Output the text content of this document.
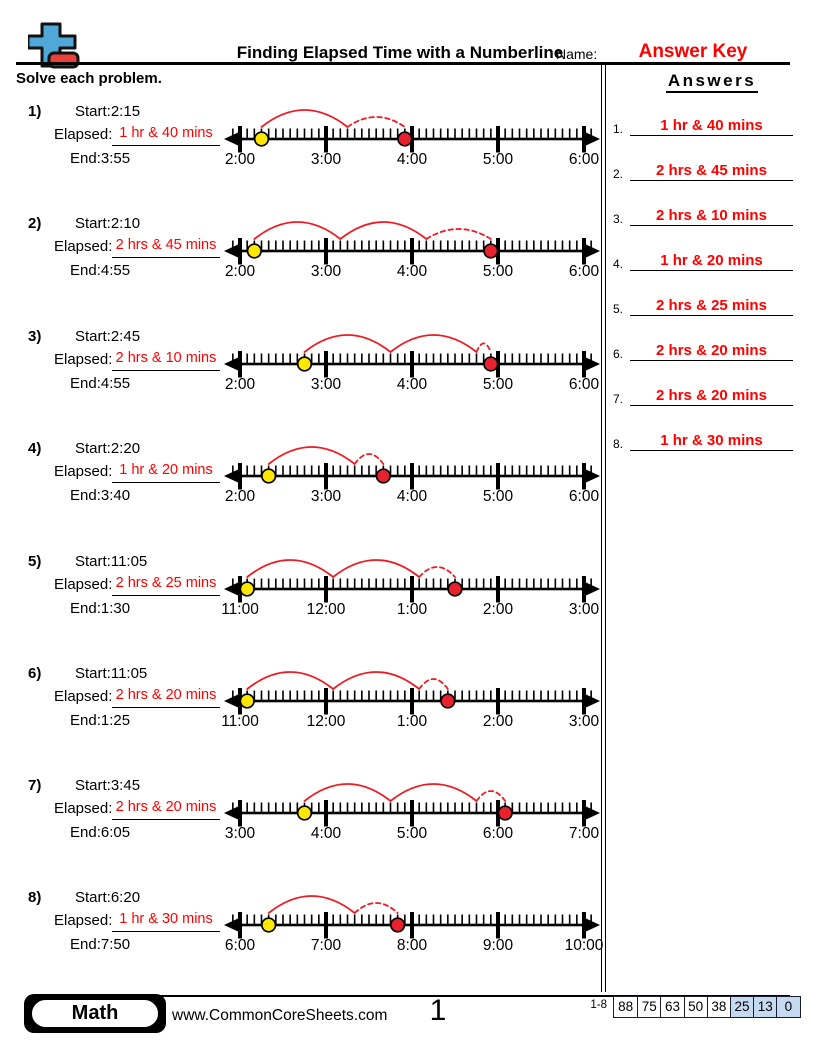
Finding Elapsed Time with a Numberline
Name:	Answer Key
Solve each problem.
1) Start:2:15
Elapsed: 1 hr & 40 mins
End:3:55	2:00	3:00	4:00	5:00	6:00
2) Start:2:10
Elapsed: 2 hrs & 45 mins
End:4:55	2:00	3:00	4:00	5:00	6:00
3) Start:2:45
Elapsed: 2 hrs & 10 mins
End:4:55	2:00	3:00	4:00	5:00	6:00
4) Start:2:20
Elapsed: 1 hr & 20 mins
End:3:40	2:00	3:00	4:00	5:00	6:00
5) Start:11:05
Elapsed: 2 hrs & 25 mins
End:1:30	11:00	12:00	1:00	2:00	3:00
6) Start:11:05
Elapsed: 2 hrs & 20 mins
End:1:25	11:00	12:00	1:00	2:00	3:00
7) Start:3:45
Elapsed: 2 hrs & 20 mins
End:6:05	3:00	4:00	5:00	6:00	7:00
8) Start:6:20
Elapsed: 1 hr & 30 mins
End:7:50	6:00	7:00	8:00	9:00	10:00
Answers
1.	1 hr & 40 mins
2.	2 hrs & 45 mins
3.	2 hrs & 10 mins
4.	1 hr & 20 mins
5.	2 hrs & 25 mins
6.	2 hrs & 20 mins
7.	2 hrs & 20 mins
8.	1 hr & 30 mins
Math	www.CommonCoreSheets.com	1	1-8 88 75 63 50 38 25 13 0
